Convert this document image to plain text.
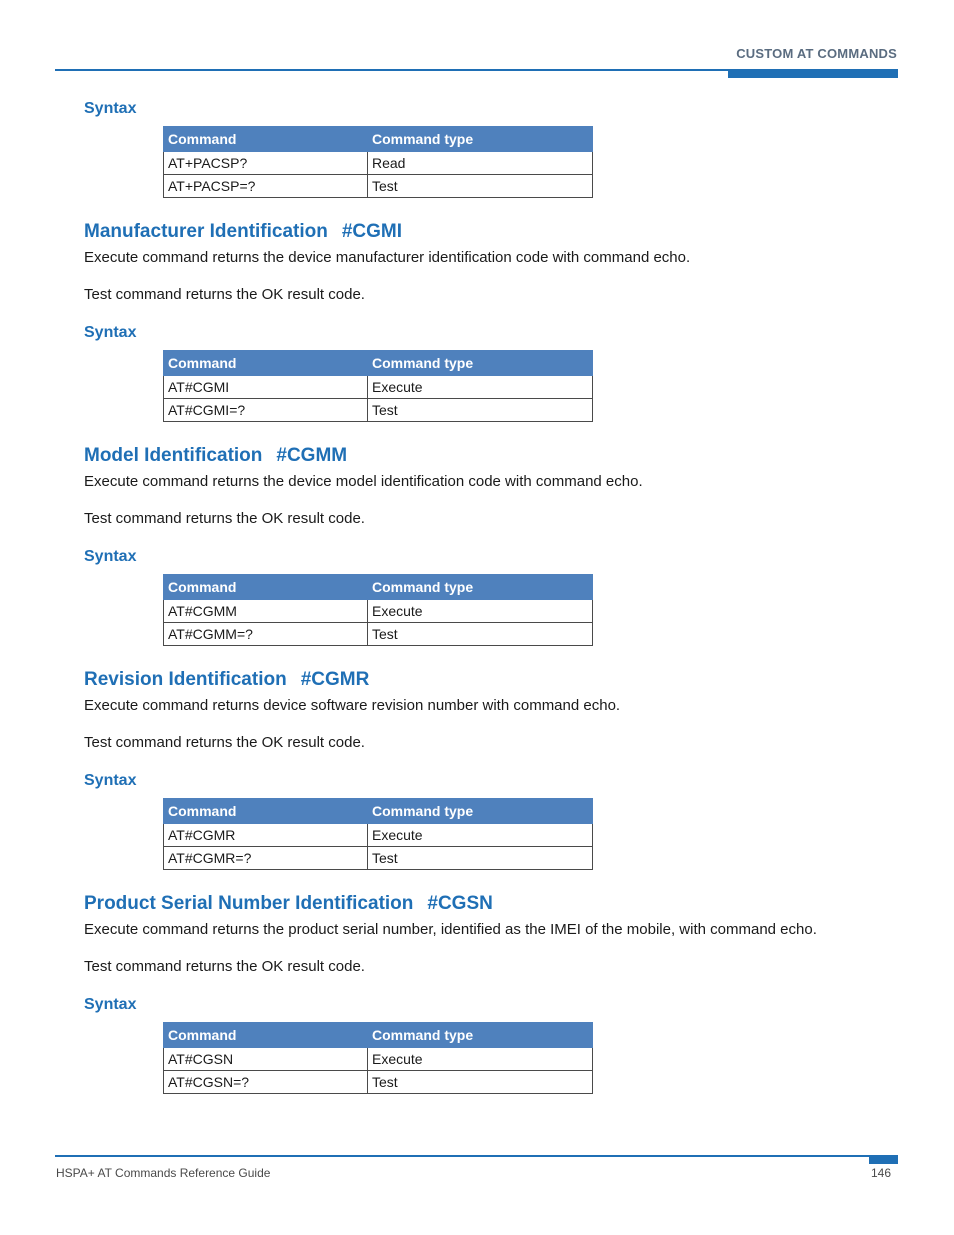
CUSTOM AT COMMANDS
Syntax
Command	Command type
AT+PACSP?	Read
AT+PACSP=?	Test
Manufacturer Identification #CGMI

Execute command returns the device manufacturer identification code with command echo.

Test command returns the OK result code.

Syntax
Command	Command type
AT#CGMI	Execute
AT#CGMI=?	Test
Model Identification #CGMM

Execute command returns the device model identification code with command echo.

Test command returns the OK result code.

Syntax
Command	Command type
AT#CGMM	Execute
AT#CGMM=?	Test
Revision Identification #CGMR

Execute command returns device software revision number with command echo.

Test command returns the OK result code.

Syntax
Command	Command type
AT#CGMR	Execute
AT#CGMR=?	Test
Product Serial Number Identification #CGSN

Execute command returns the product serial number, identified as the IMEI of the mobile, with command echo.

Test command returns the OK result code.

Syntax
Command	Command type
AT#CGSN	Execute
AT#CGSN=?	Test
HSPA+ AT Commands Reference Guide	146
